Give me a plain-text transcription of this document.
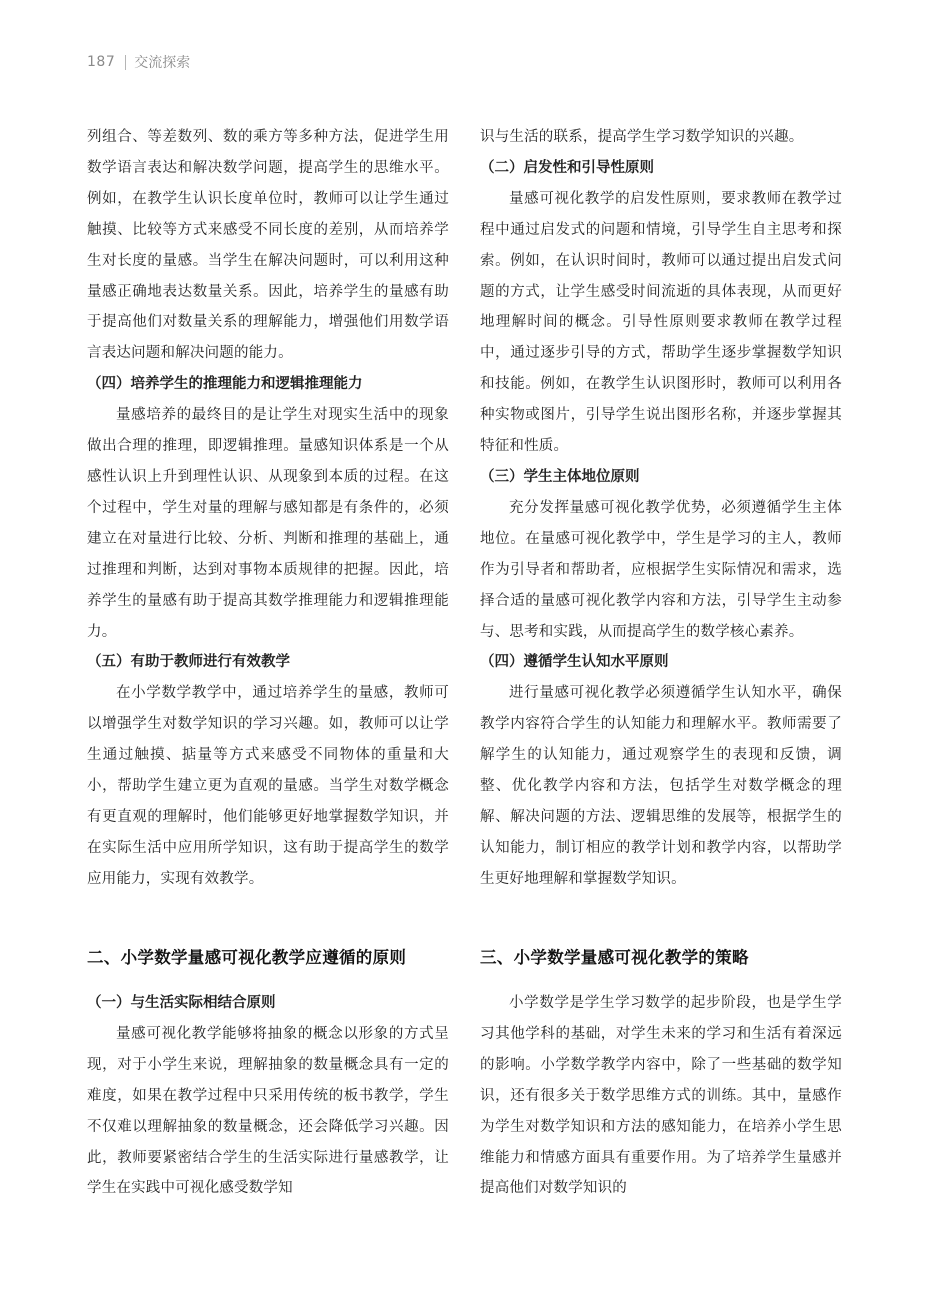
187 交流探索

列组合、等差数列、数的乘方等多种方法，促进学生用数学语言表达和解决数学问题，提高学生的思维水平。例如，在教学生认识长度单位时，教师可以让学生通过触摸、比较等方式来感受不同长度的差别，从而培养学生对长度的量感。当学生在解决问题时，可以利用这种量感正确地表达数量关系。因此，培养学生的量感有助于提高他们对数量关系的理解能力，增强他们用数学语言表达问题和解决问题的能力。

（四）培养学生的推理能力和逻辑推理能力

量感培养的最终目的是让学生对现实生活中的现象做出合理的推理，即逻辑推理。量感知识体系是一个从感性认识上升到理性认识、从现象到本质的过程。在这个过程中，学生对量的理解与感知都是有条件的，必须建立在对量进行比较、分析、判断和推理的基础上，通过推理和判断，达到对事物本质规律的把握。因此，培养学生的量感有助于提高其数学推理能力和逻辑推理能力。

（五）有助于教师进行有效教学

在小学数学教学中，通过培养学生的量感，教师可以增强学生对数学知识的学习兴趣。如，教师可以让学生通过触摸、掂量等方式来感受不同物体的重量和大小，帮助学生建立更为直观的量感。当学生对数学概念有更直观的理解时，他们能够更好地掌握数学知识，并在实际生活中应用所学知识，这有助于提高学生的数学应用能力，实现有效教学。

识与生活的联系，提高学生学习数学知识的兴趣。

（二）启发性和引导性原则

量感可视化教学的启发性原则，要求教师在教学过程中通过启发式的问题和情境，引导学生自主思考和探索。例如，在认识时间时，教师可以通过提出启发式问题的方式，让学生感受时间流逝的具体表现，从而更好地理解时间的概念。引导性原则要求教师在教学过程中，通过逐步引导的方式，帮助学生逐步掌握数学知识和技能。例如，在教学生认识图形时，教师可以利用各种实物或图片，引导学生说出图形名称，并逐步掌握其特征和性质。

（三）学生主体地位原则

充分发挥量感可视化教学优势，必须遵循学生主体地位。在量感可视化教学中，学生是学习的主人，教师作为引导者和帮助者，应根据学生实际情况和需求，选择合适的量感可视化教学内容和方法，引导学生主动参与、思考和实践，从而提高学生的数学核心素养。

（四）遵循学生认知水平原则

进行量感可视化教学必须遵循学生认知水平，确保教学内容符合学生的认知能力和理解水平。教师需要了解学生的认知能力，通过观察学生的表现和反馈，调整、优化教学内容和方法，包括学生对数学概念的理解、解决问题的方法、逻辑思维的发展等，根据学生的认知能力，制订相应的教学计划和教学内容，以帮助学生更好地理解和掌握数学知识。

二、小学数学量感可视化教学应遵循的原则	三、小学数学量感可视化教学的策略

（一）与生活实际相结合原则

量感可视化教学能够将抽象的概念以形象的方式呈现，对于小学生来说，理解抽象的数量概念具有一定的难度，如果在教学过程中只采用传统的板书教学，学生不仅难以理解抽象的数量概念，还会降低学习兴趣。因此，教师要紧密结合学生的生活实际进行量感教学，让学生在实践中可视化感受数学知

小学数学是学生学习数学的起步阶段，也是学生学习其他学科的基础，对学生未来的学习和生活有着深远的影响。小学数学教学内容中，除了一些基础的数学知识，还有很多关于数学思维方式的训练。其中，量感作为学生对数学知识和方法的感知能力，在培养小学生思维能力和情感方面具有重要作用。为了培养学生量感并提高他们对数学知识的
